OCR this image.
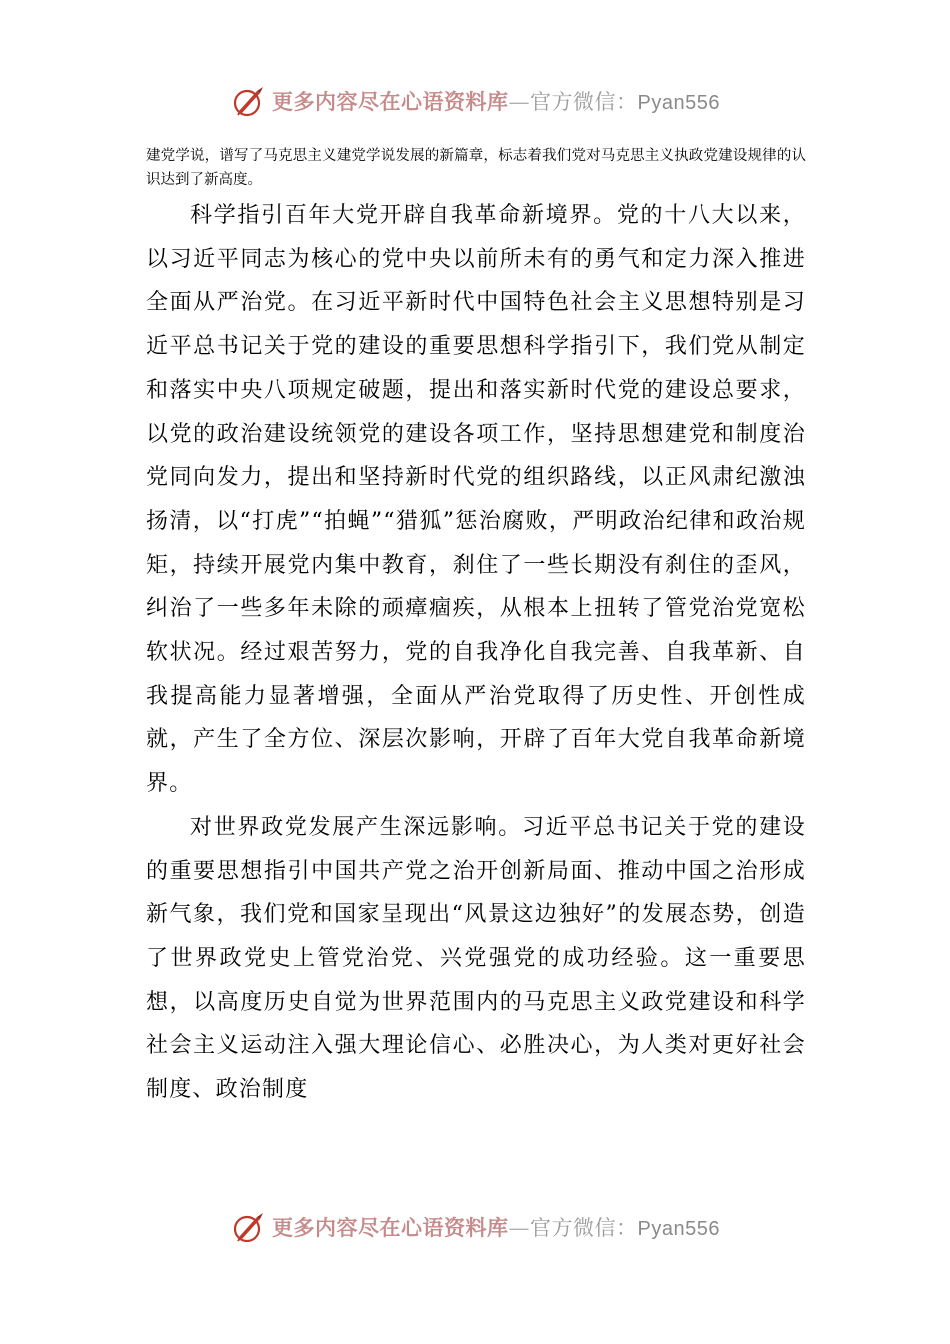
更多内容尽在心语资料库—官方微信：Pyan556

建党学说，谱写了马克思主义建党学说发展的新篇章，标志着我们党对马克思主义执政党建设规律的认识达到了新高度。

科学指引百年大党开辟自我革命新境界。党的十八大以来，以习近平同志为核心的党中央以前所未有的勇气和定力深入推进全面从严治党。在习近平新时代中国特色社会主义思想特别是习近平总书记关于党的建设的重要思想科学指引下，我们党从制定和落实中央八项规定破题，提出和落实新时代党的建设总要求，以党的政治建设统领党的建设各项工作，坚持思想建党和制度治党同向发力，提出和坚持新时代党的组织路线，以正风肃纪激浊扬清，以“打虎”“拍蝇”“猎狐”惩治腐败，严明政治纪律和政治规矩，持续开展党内集中教育，刹住了一些长期没有刹住的歪风，纠治了一些多年未除的顽瘴痼疾，从根本上扭转了管党治党宽松软状况。经过艰苦努力，党的自我净化自我完善、自我革新、自我提高能力显著增强，全面从严治党取得了历史性、开创性成就，产生了全方位、深层次影响，开辟了百年大党自我革命新境界。

对世界政党发展产生深远影响。习近平总书记关于党的建设的重要思想指引中国共产党之治开创新局面、推动中国之治形成新气象，我们党和国家呈现出“风景这边独好”的发展态势，创造了世界政党史上管党治党、兴党强党的成功经验。这一重要思想，以高度历史自觉为世界范围内的马克思主义政党建设和科学社会主义运动注入强大理论信心、必胜决心，为人类对更好社会制度、政治制度

更多内容尽在心语资料库—官方微信：Pyan556
